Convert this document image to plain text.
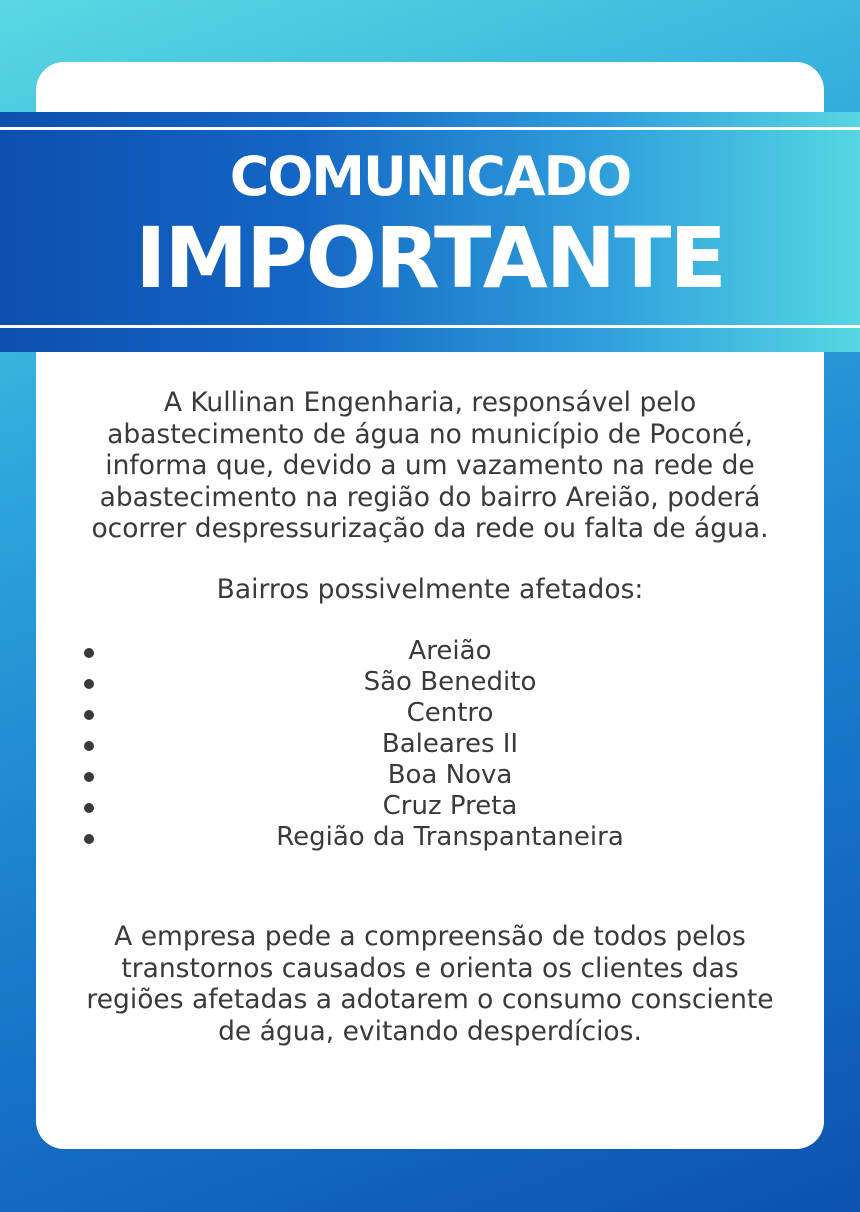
COMUNICADO
IMPORTANTE
A Kullinan Engenharia, responsável pelo
abastecimento de água no município de Poconé,
informa que, devido a um vazamento na rede de
abastecimento na região do bairro Areião, poderá
ocorrer despressurização da rede ou falta de água.
Bairros possivelmente afetados:
Areião
São Benedito
Centro
Baleares II
Boa Nova
Cruz Preta
Região da Transpantaneira
A empresa pede a compreensão de todos pelos
transtornos causados e orienta os clientes das
regiões afetadas a adotarem o consumo consciente
de água, evitando desperdícios.
